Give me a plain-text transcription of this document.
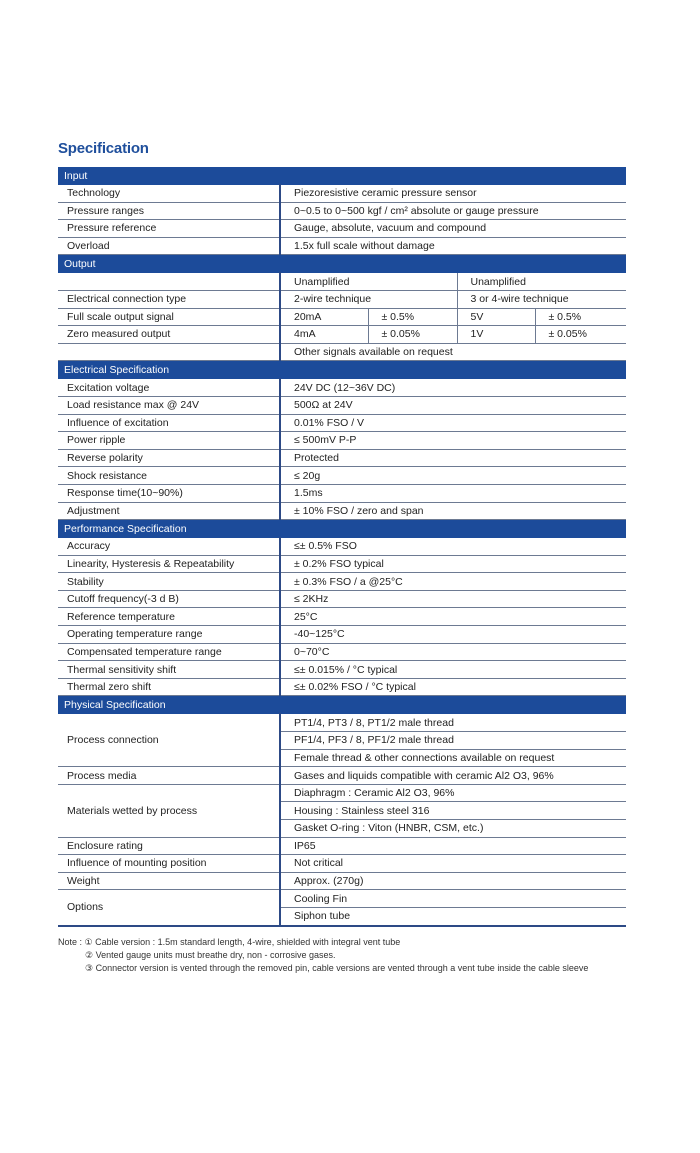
Specification
Input				
Technology	Piezoresistive ceramic pressure sensor			
Pressure ranges	0~0.5 to 0~500 kgf / cm² absolute or gauge pressure			
Pressure reference	Gauge, absolute, vacuum and compound			
Overload	1.5x full scale without damage			
Output				
	Unamplified		Unamplified	
Electrical connection type	2-wire technique		3 or 4-wire technique	
Full scale output signal	20mA	± 0.5%	5V	± 0.5%
Zero measured output	4mA	± 0.05%	1V	± 0.05%
	Other signals available on request			
Electrical Specification				
Excitation voltage	24V DC (12~36V DC)			
Load resistance max @ 24V	500Ω at 24V			
Influence of excitation	0.01% FSO / V			
Power ripple	≤ 500mV P-P			
Reverse polarity	Protected			
Shock resistance	≤ 20g			
Response time(10~90%)	1.5ms			
Adjustment	± 10% FSO / zero and span			
Performance Specification				
Accuracy	≤± 0.5% FSO			
Linearity, Hysteresis & Repeatability	± 0.2% FSO typical			
Stability	± 0.3% FSO / a @25°C			
Cutoff frequency(-3 d B)	≤ 2KHz			
Reference temperature	25°C			
Operating temperature range	-40~125°C			
Compensated temperature range	0~70°C			
Thermal sensitivity shift	≤± 0.015% / °C typical			
Thermal zero shift	≤± 0.02% FSO / °C typical			
Physical Specification				
Process connection	PT1/4, PT3 / 8, PT1/2 male thread			
	PF1/4, PF3 / 8, PF1/2 male thread			
	Female thread & other connections available on request			
Process media	Gases and liquids compatible with ceramic Al2 O3, 96%			
Materials wetted by process	Diaphragm : Ceramic Al2 O3, 96%			
	Housing : Stainless steel 316			
	Gasket O-ring : Viton (HNBR, CSM, etc.)			
Enclosure rating	IP65			
Influence of mounting position	Not critical			
Weight	Approx. (270g)			
Options	Cooling Fin			
	Siphon tube			
Note : ① Cable version : 1.5m standard length, 4-wire, shielded with integral vent tube
② Vented gauge units must breathe dry, non - corrosive gases.
③ Connector version is vented through the removed pin, cable versions are vented through a vent tube inside the cable sleeve
